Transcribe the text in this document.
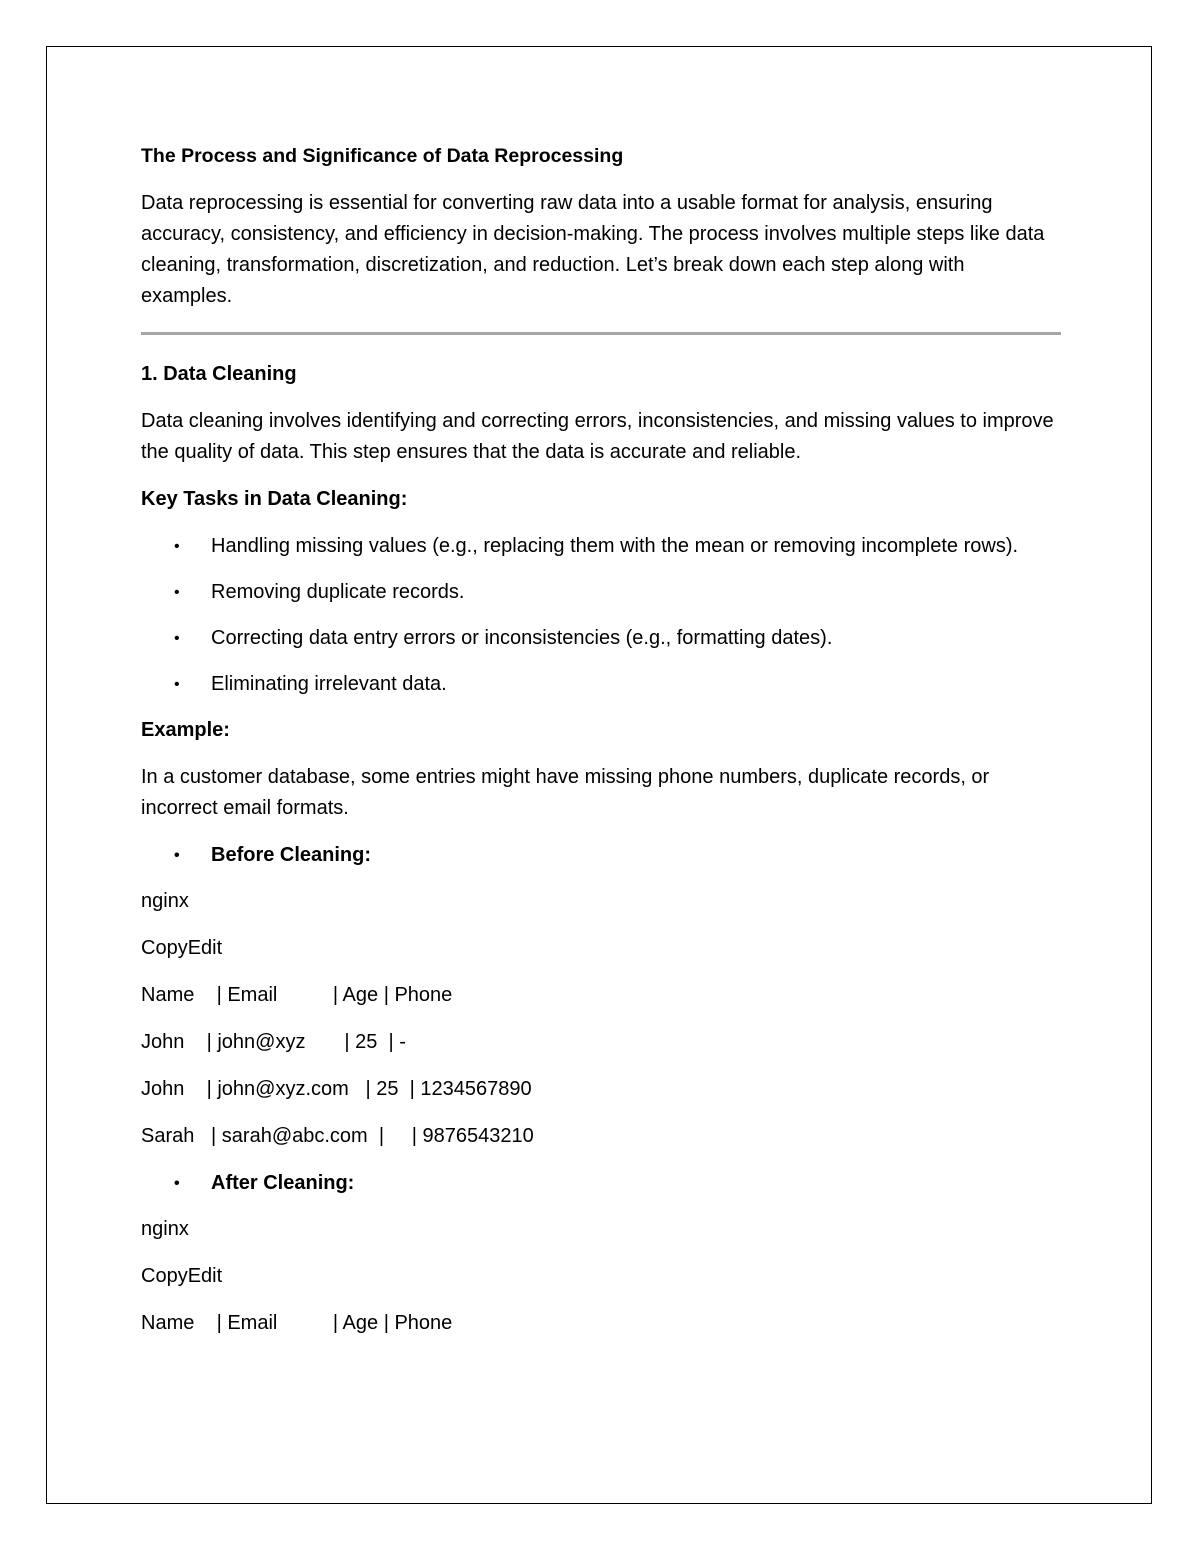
The Process and Significance of Data Reprocessing

Data reprocessing is essential for converting raw data into a usable format for analysis, ensuring accuracy, consistency, and efficiency in decision-making. The process involves multiple steps like data cleaning, transformation, discretization, and reduction. Let’s break down each step along with examples.

1. Data Cleaning

Data cleaning involves identifying and correcting errors, inconsistencies, and missing values to improve the quality of data. This step ensures that the data is accurate and reliable.

Key Tasks in Data Cleaning:

• Handling missing values (e.g., replacing them with the mean or removing incomplete rows).
• Removing duplicate records.
• Correcting data entry errors or inconsistencies (e.g., formatting dates).
• Eliminating irrelevant data.

Example:

In a customer database, some entries might have missing phone numbers, duplicate records, or incorrect email formats.

• Before Cleaning:

nginx

CopyEdit

Name    | Email          | Age | Phone

John    | john@xyz       | 25  | -

John    | john@xyz.com   | 25  | 1234567890

Sarah   | sarah@abc.com  |     | 9876543210

• After Cleaning:

nginx

CopyEdit

Name    | Email          | Age | Phone
